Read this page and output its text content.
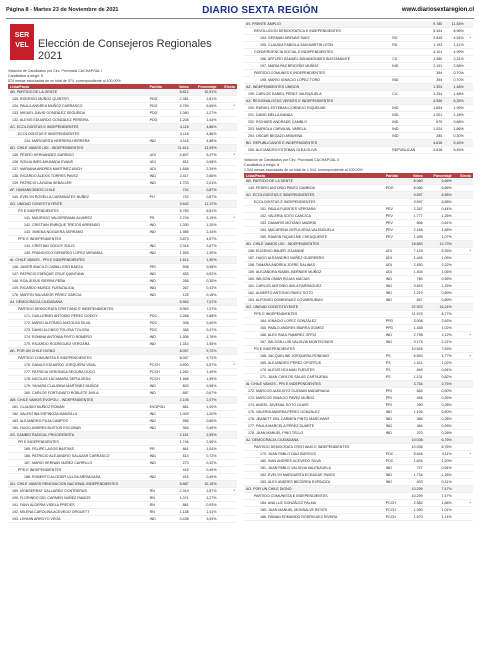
Página 8 - Martes 23 de Noviembre de 2021	DIARIO SEXTA REGIÓN	www.diariosextaregion.cl
SER
VEL Elección de Consejeros Regionales 2021
Votación de Candidatos por Circ. Provincial CACHAPOAL I
Candidatos a elegir: 5
574 mesas escrutadas de un total de 574, correspondiente al 100,00%
Lista/Pacto	Partido	Votos	Porcentaje	Electo
AB. PARTIDO DE LA GENTE		8.812	10,51%	
135. RODRIGO MUÑOZ QUINTRO	PDG	2.381	2,81%	
134. PAULA ANDREA MUÑOZ CARRASCO	PDG	4.759	5,65%	*
133. MIGUEL DAVID GONZÁLEZ SEGUEIDA	PDG	1.080	1,27%	
132. ALEXIS EDUARDO GONZÁLEZ PEREIRA	PDG	1.208	1,44%	
AC. ECOLOGISTAS E INDEPENDIENTES		4.118	4,86%	
ECOLOGISTAS E INDEPENDIENTES		4.118	4,86%	
134. MARGARITA HERRERA HERRERA	IND	4.118	4,86%	
AD. CHILE VAMOS UDI - INDEPENDIENTES		11.614	13,93%	
135. PEDRO HERNÁNDEZ GARRIDO	UDI	4.607	5,47%	*
136. SONJA IMES AHUMADA EVANS	UDI	814	0,98%	
137. MARIANA ANDREA MARTÍNEZ ANCH	UDI	1.648	2,39%	
138. RICARDO ALEXIS TORRES PAVEZ	IND	2.417	2,86%	
139. PATRICIO LAGUNA SEBALLER	IND	1.703	2,01%	
AF. HUMANICEMOS CHILE		742	0,87%	
140. EVELYN ROSELLA CARMINATES NUÑEZ	PH	742	0,87%	
AG. UNIDAD CONSTITUYENTE		9.642	11,37%	
PS E INDEPENDIENTES		5.769	6,81%	
141. MAURICIO VALDERRAMA ÁLVAREZ	PS	2.704	3,19%	*
142. CRISTIAN ENRIQUE TREJOS ARRENDO	IND	1.030	1,20%	
143. XIMENA NOGUERA SERRANO	IND	1.985	2,34%	
PPD E INDEPENDIENTES		3.873	4,57%	
144. CRISTIAN GODOY SOLIS	IND	2.318	2,67%	
145. FRANCISCO GERARDO LOPEZ MIRANDA	IND	1.555	1,90%	
AI. CHILE VAMOS - PRI E INDEPENDIENTES		1.614	1,90%	
146. JAVIER IBACILO CABALLERO BAEZA	PRI	508	0,58%	
147. PATRICIO ENRIQUE CRUZ QUINTANA	IND	453	0,52%	
148. ROA JESUS SIERRA PEÑA	IND	265	0,30%	
149. RICARDO MUÑOZ FUENZALIDA	IND	267	0,43%	
176. MARTIN SALVADOR PÉREZ GARCIA	IND	125	0,15%	
AJ. DEMOCRACIA CIUDADANA		5.963	7,07%	
PARTIDO DEMOCRATA CRISTIANO E INDEPENDIENTES		5.963	7,07%	
171. GUILLERMO ANTONIO PÉREZ GODOY	PDC	2.268	2,68%	
172. MARIO ALFONSO ANGOLINI SILVA	PDC	306	0,40%	
173. DAVID ALONSO TOLOSA TOLOSA	PDC	386	0,47%	
174. ROMINA ANTONIA PINTO ROMERO	IND	1.508	1,78%	
175. RICARDO RODRIGUEZ VERGARA	IND	1.314	1,55%	
AK. POR UN CHILE DIGNO		8.057	9,72%	
PARTIDO COMUNISTA E INDEPENDIENTES		8.057	9,72%	
176. DANILO EDUARDO JORQUERA VIDAL	PCCH	4.500	5,57%	*
177. PATRICIA VERONICA SEGURA DUCO	PCCH	1.262	1,49%	
178. NICOLAS LACAMARA SEPULVEDA	PCCH	1.568	1,99%	
179. YAHARA CLAUDINA MARTINEZ MUÑOZ	IND	803	0,98%	
180. CARLOS FORTUNATO ROBLETE ÁVILA	IND	687	0,67%	
AM. CHILE VAMOS EVOPOLI - INDEPENDIENTES		2.105	2,47%	
181. CLAUDIO MUÑOZ ROMÁN	EVOPOLI	881	1,00%	
182. VALENTINA ESPINOZA MANSILLA	IND	1.003	1,20%	
183. ALEJANDRO PUJA CAMPOS	IND	556	0,66%	
184. HUGO ANDRES BUSTOS ESCOBAR	IND	384	0,49%	
AS. CAMBIO RADICAL PROGRESISTA		2.161	2,55%	
PR E INDEPENDIENTES		1.746	2,06%	
185. FELIPE LAGOS BASTIAS	PR	861	1,04%	
186. PATRICIO ALEJANDRO SALAZAR CARRASCO	IND	814	0,72%	
187. MARIO HERNAN NUÑEZ CARRILLO	IND	273	0,32%	
PPD E INDEPENDIENTES		415	0,49%	
188. ROBERTO ALCIDER ULLOA ARRIAGADA	IND	415	0,49%	
AU. CHILE VAMOS RENOVACION NACIONAL INDEPENDIENTES		8.887	10,15%	
189. MONSERRAT GALLARDO CONTRERAS	RN	2.319	2,87%	*
190. FLORINDO DEL CARMEN NUÑEZ RAMOS	RN	1.071	1,27%	
191. FANY ALDERIA VIDELA PREDES	RN	881	0,93%	
192. MILENA CAROLINA ACEVEDO ORGUETT	RN	1.138	1,31%	
193. LENNIN ARROYO VEGA	IND	3.438	3,93%	
AY. FRENTE AMPLIO		9.780	11,54%	
REVOLUCION DEMOCRATICA E INDEPENDIENTES		5.344	6,96%	
194. GERMAN ARENAS SAEZ	RD	3.845	4,54%	*
195. CLAUDIA FABIOLA SAN MARTIN LEON	RD	1.193	1,41%	
CONVERGENCIA SOCIAL E INDEPENDIENTES		4.101	4,99%	
196. ARTURO SAMUEL BAHAMONDES BUSTAMANTE	CS	1.960	2,31%	
197. MARIA PAZ BRICEÑO MUÑOZ	IND	2.191	2,58%	
PARTIDO COMUNES E INDEPENDIENTES		394	0,70%	
198. MARIO IGNACIO LOPEZ TORO	IND	394	0,70%	
AZ. INDEPENDIENTES UNIDOS		1.304	1,48%	
199. CARLOS DANIEL PÉREZ VALENZUELA	CU	1.254	1,48%	
AX. REGIONALISTAS VERDES E INDEPENDIENTES		4.536	5,35%	
200. RAFAEL ESTEBAN CORNEJO RIQUELME	IND	1.654	1,95%	
201. DAVID MELLA BANDA	IND	1.001	1,18%	
202. RICHARD ANDRADE CAMBLO	IND	579	0,68%	
203. MARIOLA CARVAJAL VARELA	IND	1.024	1,86%	
204. OSCAR BEGAZO ARAVENA	IND	280	0,30%	
BD. REPUBLICANOS E INDEPENDIENTES		4.618	5,45%	
205. ALEJANDRO ESTEBAN OLEA OLIVA	REPUBLICAN	4.618	5,45%	
Votación de Candidatos por Circ. Provincial CACHAPOAL II
Candidatos a elegir: 8
1.044 mesas escrutadas de un total de 1.044, correspondiente al 100,00%
Lista/Pacto	Partido	Votos	Porcentaje	Electo
AB. PARTIDO DE LA GENTE		8.080	5,66%	
149. PEDRO ANTONIO PAVEZ GAMBOA	PDG	8.080	5,66%	
AC. ECOLOGISTAS E INDEPENDIENTES		9.597	6,58%	
ECOLOGISTAS E INDEPENDIENTES		9.597	6,58%	
151. PAULA FUENTES VERGARA	PEV	2.347	0,44%	
152. VALERIA SOTO CANCICA	PEV	1.777	1,26%	
153. DAMARIS MOYANO MADRID	PEV	806	0,61%	
154. MACARENA SEPULVEDA VALENZUELA	PEV	2.168	1,68%	
155. RAMON RIQUELME CHEUQUENTE	PEV	1.499	1,07%	
AD. CHILE VAMOS UDI - INDEPENDIENTES		18.883	13,73%	
156. EUGENIO BAUER JOUANNE	UDI	7.149	5,35%	*
157. HUGO ALEJANDRO NUÑEZ GUERRERO	UDI	1.445	1,05%	
158. TAMARA ANDREA JOFRE SALINAS	UDI	2.450	2,22%	
159. ALEJANDRA ISABEL BERNIER MUÑOZ	UDI	1.404	1,05%	
160. WILSON OMAR ROJAS MACIAS	IND	760	0,55%	
161. CARLOS ANTONIO AVILA PARRAGUEZ	IND	3.643	1,25%	
162. ALBERTO ANTONIO PAVEZ SOTO	IND	1.219	0,89%	
163. ALFONSO DOMINGUEZ COVARRUBIAS	IND	847	0,89%	
AG. UNIDAD CONSTITUYENTE		22.923	16,24%	
PPD E INDEPENDIENTES		11.678	8,77%	
164. IGNACIO LOPEZ GONZÁLEZ	PPD	3.008	2,63%	
165. PABLO ANDRES IBARRA GOMEZ	PPD	1.455	1,02%	
166. ALEX RAUL RAMIREZ ORTIZ	IND	2.798	2,12%	*
167. WILSON LUIS VALDIVIA MONTECINOS	IND	3.174	2,21%	
PS E INDEPENDIENTES		10.545	7,53%	
168. JACQUELINE JORQUERA RONDINO	PS	6.553	4,77%	*
169. ALEJANDRO PÉREZ OPORTUS	PS	1.011	1,02%	
170. ALEXIS HOLMAN FUENTES	PS	849	0,64%	
171. JUAN CARLOS SALAS CARTAJENA	PS	1.131	0,82%	
AI. CHILE VAMOS - PRI E INDEPENDIENTES		3.754	2,75%	
172. MARCOS AUGUSTO GUZMAN MADARIAGA	PRI	682	0,50%	
173. MARCOS IGNACIO PAVEZ MUÑOZ	PRI	468	0,35%	
174. ANGEL JUVENAL SOTO OLAVE	PRI	390	0,28%	
175. VALERIA ANDREA PÉREZ GONZÁLEZ	IND	1.105	0,80%	
176. JEANETT DEL CARMEN PINTO MARCHANT	IND	385	0,28%	
177. PAULA MARCELA PÉREZ DUARTE	IND	384	0,28%	
178. JUAN MANUEL PINO TELLO	IND	370	0,26%	
AJ. DEMOCRACIA CIUDADANA		10.038	6,76%	
PARTIDO DEMOCRATA CRISTIANO E INDEPENDIENTES		10.038	6,76%	
179. JUAN PABLO DIAZ BURGOS	PDC	5.646	4,11%	*
180. IVAN ANDRES ACEVEDO SILVA	PDC	1.694	1,20%	
181. JUAN PABLO VALDIVIA VALENZUELA	IND	747	0,54%	
182. EVELYN MARGARITA ECHAGUE PAVEZ	IND	1.734	1,26%	
183. ALEX ANDRES BECERRA ESPINOZA	IND	403	0,31%	
AO. POR UN CHILE DIGNO		10.299	7,47%	
PARTIDO COMUNISTA E INDEPENDIENTES		10.299	7,47%	
184. ANA LUZ GONZÁLEZ PALMA	PCCH	2.582	1,88%	*
185. JUAN MANUEL MONSALVE REYES	PCCH	1.390	1,01%	
186. FABIAN EDMUNDO RODRIGUEZ RIVERA	PCCH	1.570	1,14%	
